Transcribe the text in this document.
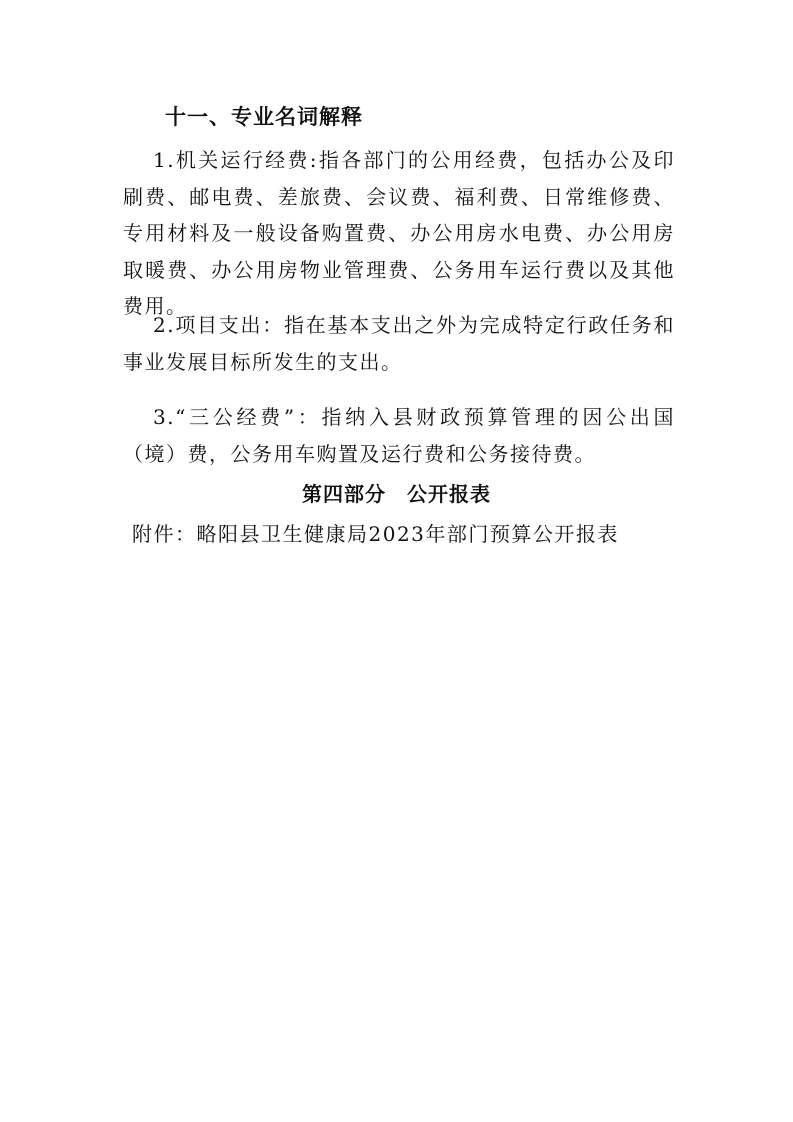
十一、专业名词解释
1.机关运行经费:指各部门的公用经费，包括办公及印刷费、邮电费、差旅费、会议费、福利费、日常维修费、专用材料及一般设备购置费、办公用房水电费、办公用房取暖费、办公用房物业管理费、公务用车运行费以及其他费用。
2.项目支出：指在基本支出之外为完成特定行政任务和事业发展目标所发生的支出。
3.“三公经费”：指纳入县财政预算管理的因公出国（境）费，公务用车购置及运行费和公务接待费。
第四部分　公开报表
附件：略阳县卫生健康局2023年部门预算公开报表
